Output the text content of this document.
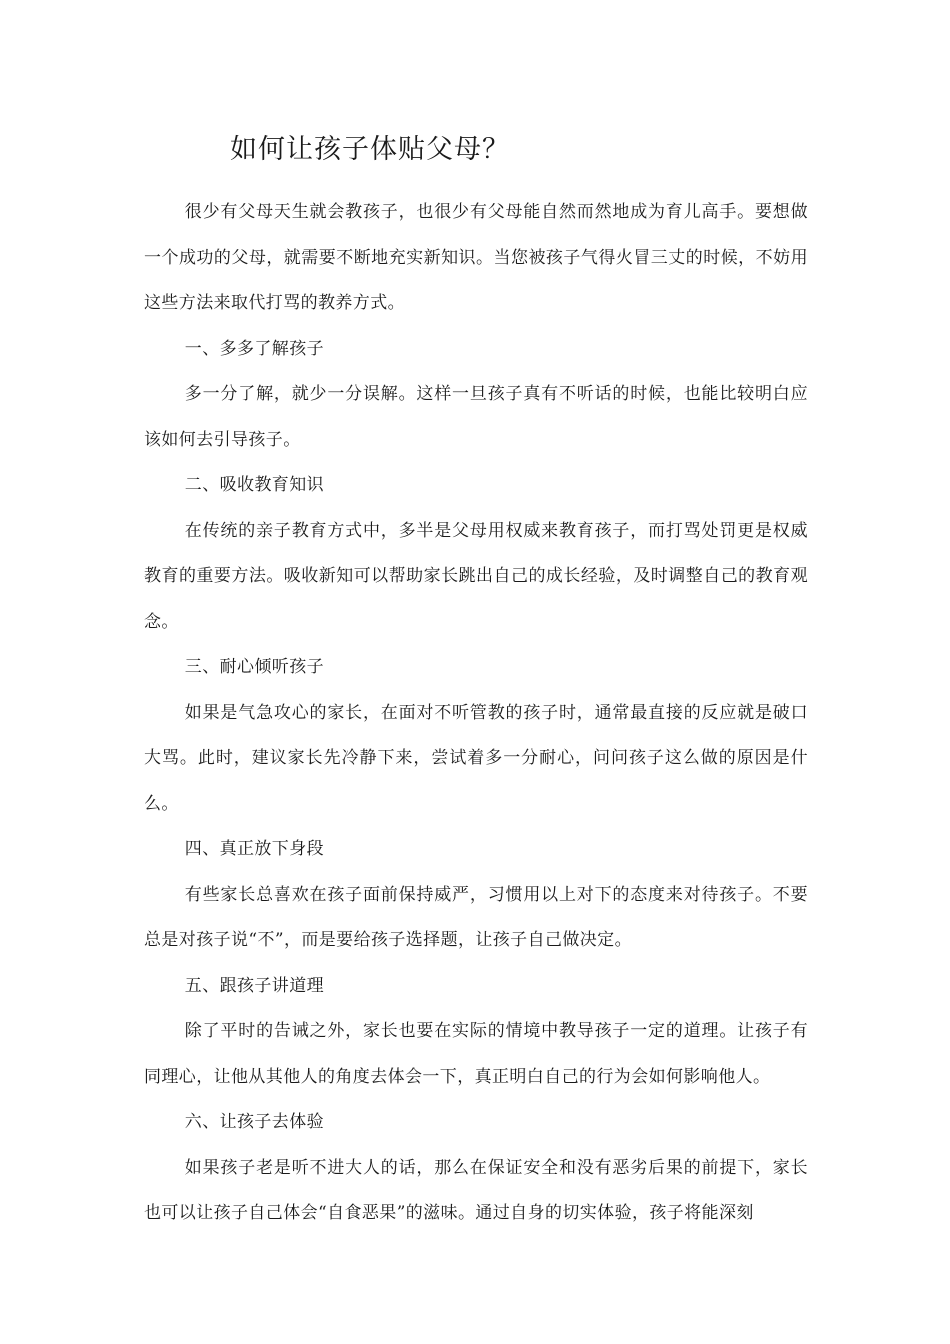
如何让孩子体贴父母？

很少有父母天生就会教孩子，也很少有父母能自然而然地成为育儿高手。要想做一个成功的父母，就需要不断地充实新知识。当您被孩子气得火冒三丈的时候，不妨用这些方法来取代打骂的教养方式。

一、多多了解孩子

多一分了解，就少一分误解。这样一旦孩子真有不听话的时候，也能比较明白应该如何去引导孩子。

二、吸收教育知识

在传统的亲子教育方式中，多半是父母用权威来教育孩子，而打骂处罚更是权威教育的重要方法。吸收新知可以帮助家长跳出自己的成长经验，及时调整自己的教育观念。

三、耐心倾听孩子

如果是气急攻心的家长，在面对不听管教的孩子时，通常最直接的反应就是破口大骂。此时，建议家长先冷静下来，尝试着多一分耐心，问问孩子这么做的原因是什么。

四、真正放下身段

有些家长总喜欢在孩子面前保持威严，习惯用以上对下的态度来对待孩子。不要总是对孩子说“不”，而是要给孩子选择题，让孩子自己做决定。

五、跟孩子讲道理

除了平时的告诫之外，家长也要在实际的情境中教导孩子一定的道理。让孩子有同理心，让他从其他人的角度去体会一下，真正明白自己的行为会如何影响他人。

六、让孩子去体验

如果孩子老是听不进大人的话，那么在保证安全和没有恶劣后果的前提下，家长也可以让孩子自己体会“自食恶果”的滋味。通过自身的切实体验，孩子将能深刻
